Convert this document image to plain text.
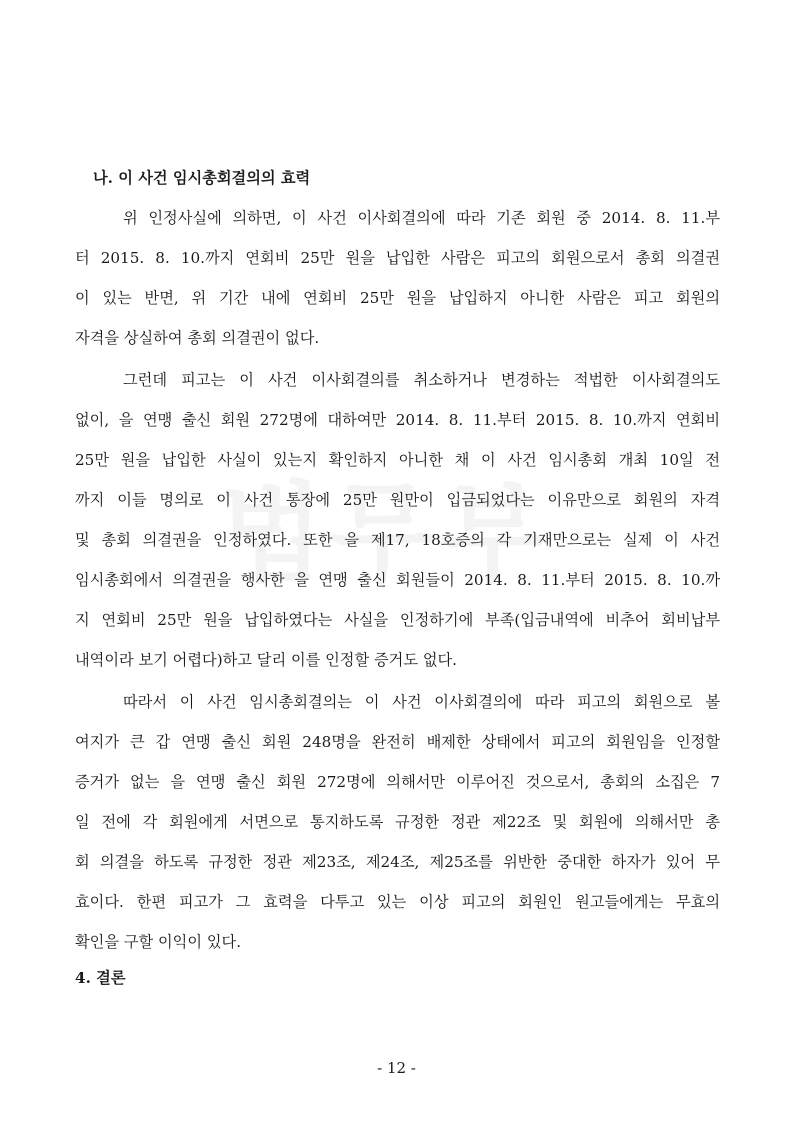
나. 이 사건 임시총회결의의 효력
위 인정사실에 의하면, 이 사건 이사회결의에 따라 기존 회원 중 2014. 8. 11.부
터 2015. 8. 10.까지 연회비 25만 원을 납입한 사람은 피고의 회원으로서 총회 의결권
이 있는 반면, 위 기간 내에 연회비 25만 원을 납입하지 아니한 사람은 피고 회원의
자격을 상실하여 총회 의결권이 없다.
그런데 피고는 이 사건 이사회결의를 취소하거나 변경하는 적법한 이사회결의도
없이, 을 연맹 출신 회원 272명에 대하여만 2014. 8. 11.부터 2015. 8. 10.까지 연회비
25만 원을 납입한 사실이 있는지 확인하지 아니한 채 이 사건 임시총회 개최 10일 전
까지 이들 명의로 이 사건 통장에 25만 원만이 입금되었다는 이유만으로 회원의 자격
및 총회 의결권을 인정하였다. 또한 을 제17, 18호증의 각 기재만으로는 실제 이 사건
임시총회에서 의결권을 행사한 을 연맹 출신 회원들이 2014. 8. 11.부터 2015. 8. 10.까
지 연회비 25만 원을 납입하였다는 사실을 인정하기에 부족(입금내역에 비추어 회비납부
내역이라 보기 어렵다)하고 달리 이를 인정할 증거도 없다.
따라서 이 사건 임시총회결의는 이 사건 이사회결의에 따라 피고의 회원으로 볼
여지가 큰 갑 연맹 출신 회원 248명을 완전히 배제한 상태에서 피고의 회원임을 인정할
증거가 없는 을 연맹 출신 회원 272명에 의해서만 이루어진 것으로서, 총회의 소집은 7
일 전에 각 회원에게 서면으로 통지하도록 규정한 정관 제22조 및 회원에 의해서만 총
회 의결을 하도록 규정한 정관 제23조, 제24조, 제25조를 위반한 중대한 하자가 있어 무
효이다. 한편 피고가 그 효력을 다투고 있는 이상 피고의 회원인 원고들에게는 무효의
확인을 구할 이익이 있다.
4. 결론
- 12 -
